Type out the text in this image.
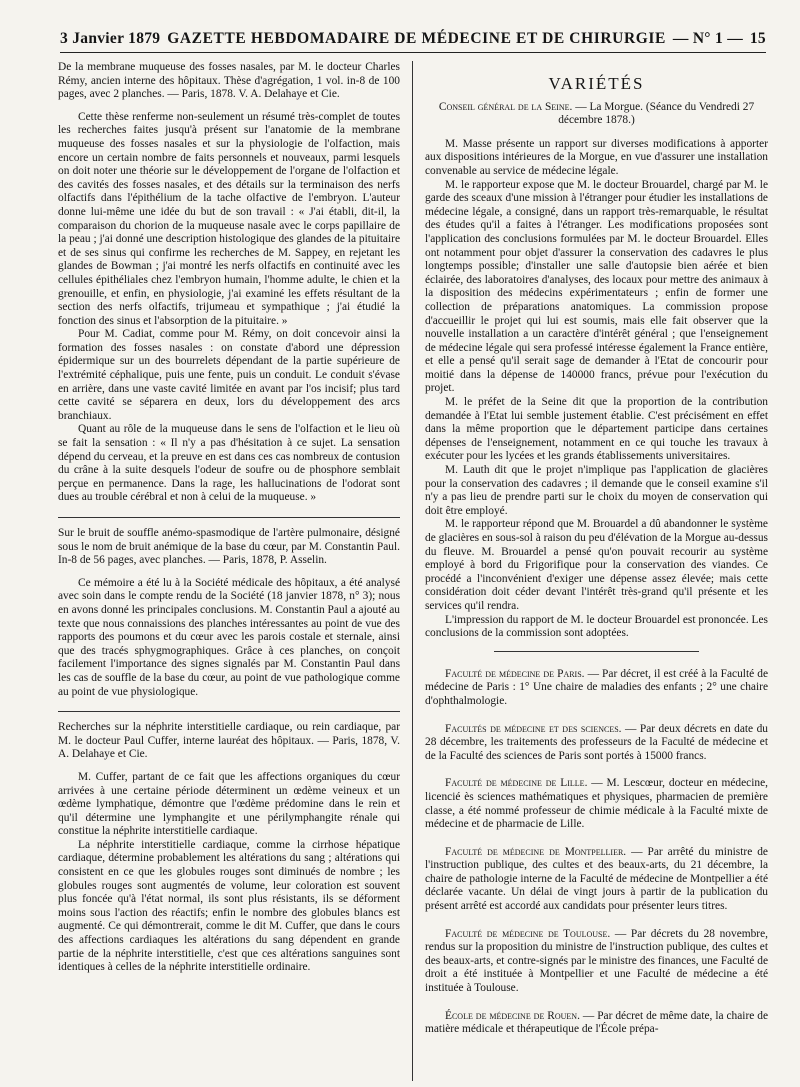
3 Janvier 1879 GAZETTE HEBDOMADAIRE DE MÉDECINE ET DE CHIRURGIE — N° 1 — 15

De la membrane muqueuse des fosses nasales, par M. le docteur Charles Rémy, ancien interne des hôpitaux. Thèse d'agrégation, 1 vol. in-8 de 100 pages, avec 2 planches. — Paris, 1878. V. A. Delahaye et Cie.

Cette thèse renferme non-seulement un résumé très-complet de toutes les recherches faites jusqu'à présent sur l'anatomie de la membrane muqueuse des fosses nasales et sur la physiologie de l'olfaction, mais encore un certain nombre de faits personnels et nouveaux, parmi lesquels on doit noter une théorie sur le développement de l'organe de l'olfaction et des cavités des fosses nasales, et des détails sur la terminaison des nerfs olfactifs dans l'épithélium de la tache olfactive de l'embryon. L'auteur donne lui-même une idée du but de son travail : « J'ai établi, dit-il, la comparaison du chorion de la muqueuse nasale avec le corps papillaire de la peau ; j'ai donné une description histologique des glandes de la pituitaire et de ses sinus qui confirme les recherches de M. Sappey, en rejetant les glandes de Bowman ; j'ai montré les nerfs olfactifs en continuité avec les cellules épithéliales chez l'embryon humain, l'homme adulte, le chien et la grenouille, et enfin, en physiologie, j'ai examiné les effets résultant de la section des nerfs olfactifs, trijumeau et sympathique ; j'ai étudié la fonction des sinus et l'absorption de la pituitaire. »

Pour M. Cadiat, comme pour M. Rémy, on doit concevoir ainsi la formation des fosses nasales : on constate d'abord une dépression épidermique sur un des bourrelets dépendant de la partie supérieure de l'extrémité céphalique, puis une fente, puis un conduit. Le conduit s'évase en arrière, dans une vaste cavité limitée en avant par l'os incisif; plus tard cette cavité se séparera en deux, lors du développement des arcs branchiaux.

Quant au rôle de la muqueuse dans le sens de l'olfaction et le lieu où se fait la sensation : « Il n'y a pas d'hésitation à ce sujet. La sensation dépend du cerveau, et la preuve en est dans ces cas nombreux de contusion du crâne à la suite desquels l'odeur de soufre ou de phosphore semblait perçue en permanence. Dans la rage, les hallucinations de l'odorat sont dues au trouble cérébral et non à celui de la muqueuse. »

Sur le bruit de souffle anémo-spasmodique de l'artère pulmonaire, désigné sous le nom de bruit anémique de la base du cœur, par M. Constantin Paul. In-8 de 56 pages, avec planches. — Paris, 1878, P. Asselin.

Ce mémoire a été lu à la Société médicale des hôpitaux, a été analysé avec soin dans le compte rendu de la Société (18 janvier 1878, n° 3); nous en avons donné les principales conclusions. M. Constantin Paul a ajouté au texte que nous connaissions des planches intéressantes au point de vue des rapports des poumons et du cœur avec les parois costale et sternale, ainsi que des tracés sphygmographiques. Grâce à ces planches, on conçoit facilement l'importance des signes signalés par M. Constantin Paul dans les cas de souffle de la base du cœur, au point de vue pathologique comme au point de vue physiologique.

Recherches sur la néphrite interstitielle cardiaque, ou rein cardiaque, par M. le docteur Paul Cuffer, interne lauréat des hôpitaux. — Paris, 1878, V. A. Delahaye et Cie.

M. Cuffer, partant de ce fait que les affections organiques du cœur arrivées à une certaine période déterminent un œdème veineux et un œdème lymphatique, démontre que l'œdème prédomine dans le rein et qu'il détermine une lymphangite et une périlymphangite rénale qui constitue la néphrite interstitielle cardiaque.

La néphrite interstitielle cardiaque, comme la cirrhose hépatique cardiaque, détermine probablement les altérations du sang ; altérations qui consistent en ce que les globules rouges sont diminués de nombre ; les globules rouges sont augmentés de volume, leur coloration est souvent plus foncée qu'à l'état normal, ils sont plus résistants, ils se déforment moins sous l'action des réactifs; enfin le nombre des globules blancs est augmenté. Ce qui démontrerait, comme le dit M. Cuffer, que dans le cours des affections cardiaques les altérations du sang dépendent en grande partie de la néphrite interstitielle, c'est que ces altérations sanguines sont identiques à celles de la néphrite interstitielle ordinaire.

VARIÉTÉS
Conseil général de la Seine. — La Morgue. (Séance du Vendredi 27 décembre 1878.)

M. Masse présente un rapport sur diverses modifications à apporter aux dispositions intérieures de la Morgue, en vue d'assurer une installation convenable au service de médecine légale.

M. le rapporteur expose que M. le docteur Brouardel, chargé par M. le garde des sceaux d'une mission à l'étranger pour étudier les installations de médecine légale, a consigné, dans un rapport très-remarquable, le résultat des études qu'il a faites à l'étranger. Les modifications proposées sont l'application des conclusions formulées par M. le docteur Brouardel. Elles ont notamment pour objet d'assurer la conservation des cadavres le plus longtemps possible; d'installer une salle d'autopsie bien aérée et bien éclairée, des laboratoires d'analyses, des locaux pour mettre des animaux à la disposition des médecins expérimentateurs ; enfin de former une collection de préparations anatomiques. La commission propose d'accueillir le projet qui lui est soumis, mais elle fait observer que la nouvelle installation a un caractère d'intérêt général ; que l'enseignement de médecine légale qui sera professé intéresse également la France entière, et elle a pensé qu'il serait sage de demander à l'Etat de concourir pour moitié dans la dépense de 140000 francs, prévue pour l'exécution du projet.

M. le préfet de la Seine dit que la proportion de la contribution demandée à l'Etat lui semble justement établie. C'est précisément en effet dans la même proportion que le département participe dans certaines dépenses de l'enseignement, notamment en ce qui touche les travaux à exécuter pour les lycées et les grands établissements universitaires.

M. Lauth dit que le projet n'implique pas l'application de glacières pour la conservation des cadavres ; il demande que le conseil examine s'il n'y a pas lieu de prendre parti sur le choix du moyen de conservation qui doit être employé.

M. le rapporteur répond que M. Brouardel a dû abandonner le système de glacières en sous-sol à raison du peu d'élévation de la Morgue au-dessus du fleuve. M. Brouardel a pensé qu'on pouvait recourir au système employé à bord du Frigorifique pour la conservation des viandes. Ce procédé a l'inconvénient d'exiger une dépense assez élevée; mais cette considération doit céder devant l'intérêt très-grand qu'il présente et les services qu'il rendra.

L'impression du rapport de M. le docteur Brouardel est prononcée. Les conclusions de la commission sont adoptées.

Faculté de médecine de Paris. — Par décret, il est créé à la Faculté de médecine de Paris : 1° Une chaire de maladies des enfants ; 2° une chaire d'ophthalmologie.

Facultés de médecine et des sciences. — Par deux décrets en date du 28 décembre, les traitements des professeurs de la Faculté de médecine et de la Faculté des sciences de Paris sont portés à 15000 francs.

Faculté de médecine de Lille. — M. Lescœur, docteur en médecine, licencié ès sciences mathématiques et physiques, pharmacien de première classe, a été nommé professeur de chimie médicale à la Faculté mixte de médecine et de pharmacie de Lille.

Faculté de médecine de Montpellier. — Par arrêté du ministre de l'instruction publique, des cultes et des beaux-arts, du 21 décembre, la chaire de pathologie interne de la Faculté de médecine de Montpellier a été déclarée vacante. Un délai de vingt jours à partir de la publication du présent arrêté est accordé aux candidats pour présenter leurs titres.

Faculté de médecine de Toulouse. — Par décrets du 28 novembre, rendus sur la proposition du ministre de l'instruction publique, des cultes et des beaux-arts, et contre-signés par le ministre des finances, une Faculté de droit a été instituée à Montpellier et une Faculté de médecine a été instituée à Toulouse.

École de médecine de Rouen. — Par décret de même date, la chaire de matière médicale et thérapeutique de l'École prépa-
